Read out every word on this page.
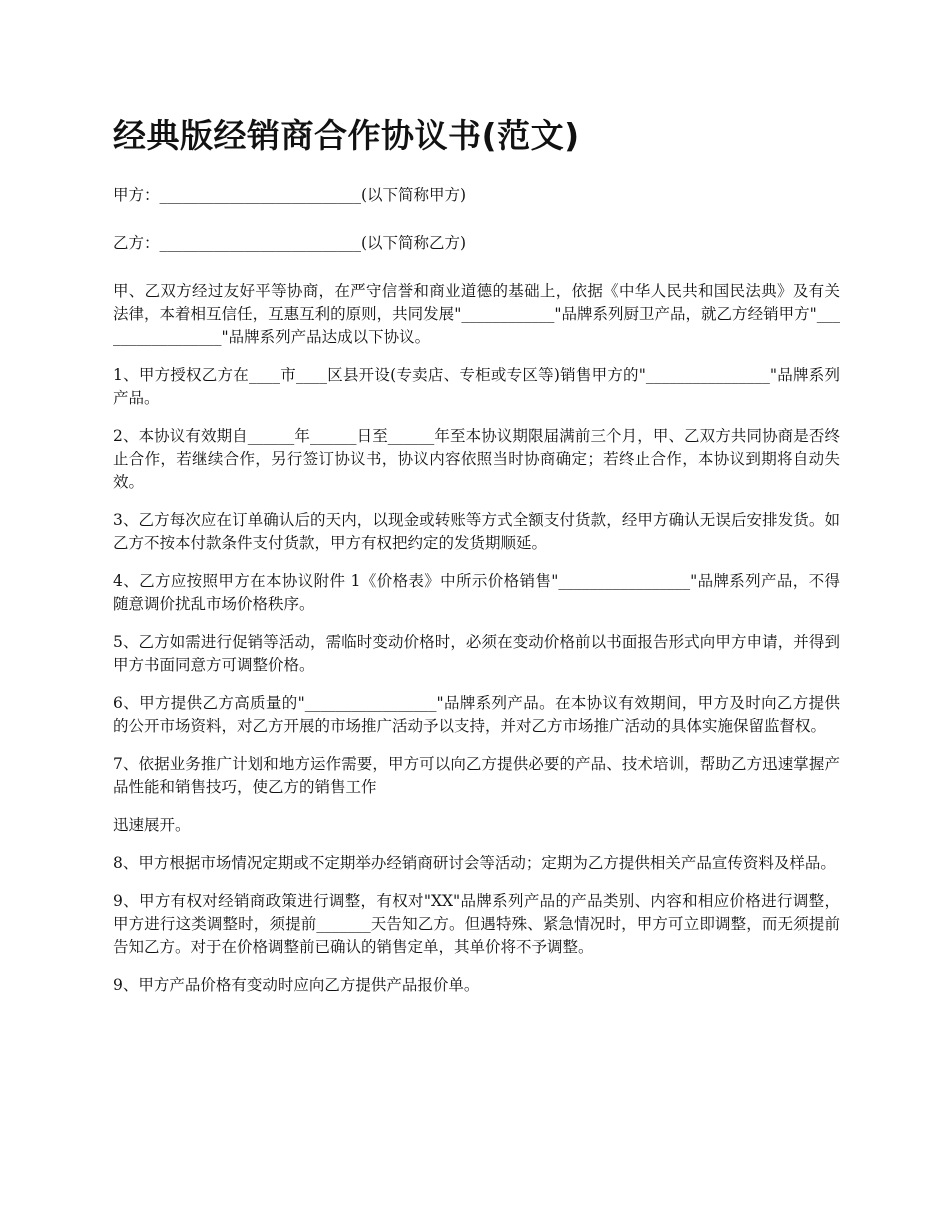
经典版经销商合作协议书(范文)

甲方：__________________________(以下简称甲方)

乙方：__________________________(以下简称乙方)

甲、乙双方经过友好平等协商，在严守信誉和商业道德的基础上，依据《中华人民共和国民法典》及有关法律，本着相互信任，互惠互利的原则，共同发展"____________"品牌系列厨卫产品，就乙方经销甲方"_________________"品牌系列产品达成以下协议。

1、甲方授权乙方在____市____区县开设(专卖店、专柜或专区等)销售甲方的"________________"品牌系列产品。

2、本协议有效期自______年______日至______年至本协议期限届满前三个月，甲、乙双方共同协商是否终止合作，若继续合作，另行签订协议书，协议内容依照当时协商确定；若终止合作，本协议到期将自动失效。

3、乙方每次应在订单确认后的天内，以现金或转账等方式全额支付货款，经甲方确认无误后安排发货。如乙方不按本付款条件支付货款，甲方有权把约定的发货期顺延。

4、乙方应按照甲方在本协议附件 1《价格表》中所示价格销售"_________________"品牌系列产品，不得随意调价扰乱市场价格秩序。

5、乙方如需进行促销等活动，需临时变动价格时，必须在变动价格前以书面报告形式向甲方申请，并得到甲方书面同意方可调整价格。

6、甲方提供乙方高质量的"_________________"品牌系列产品。在本协议有效期间，甲方及时向乙方提供的公开市场资料，对乙方开展的市场推广活动予以支持，并对乙方市场推广活动的具体实施保留监督权。

7、依据业务推广计划和地方运作需要，甲方可以向乙方提供必要的产品、技术培训，帮助乙方迅速掌握产品性能和销售技巧，使乙方的销售工作

迅速展开。

8、甲方根据市场情况定期或不定期举办经销商研讨会等活动；定期为乙方提供相关产品宣传资料及样品。

9、甲方有权对经销商政策进行调整，有权对"XX"品牌系列产品的产品类别、内容和相应价格进行调整，甲方进行这类调整时，须提前_______天告知乙方。但遇特殊、紧急情况时，甲方可立即调整，而无须提前告知乙方。对于在价格调整前已确认的销售定单，其单价将不予调整。

9、甲方产品价格有变动时应向乙方提供产品报价单。
